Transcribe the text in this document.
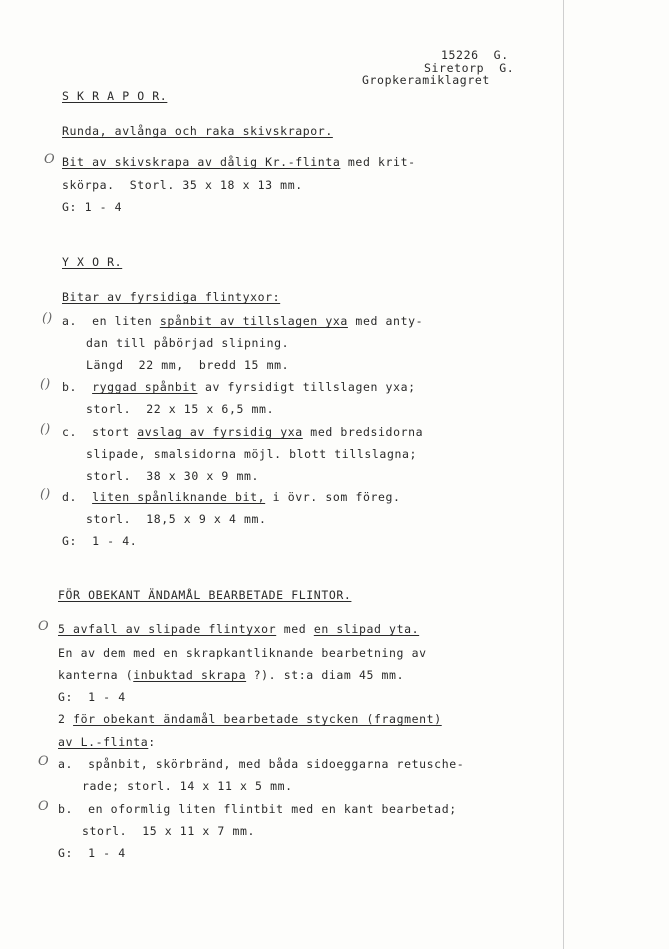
15226  G.
Siretorp  G.
Gropkeramiklagret
S K R A P O R.
Runda, avlånga och raka skivskrapor.
O Bit av skivskrapa av dålig Kr.-flinta med krit-
skörpa.  Storl. 35 x 18 x 13 mm.
G: 1 - 4
Y X O R.
Bitar av fyrsidiga flintyxor:
() a.  en liten spånbit av tillslagen yxa med anty-
dan till påbörjad slipning.
Längd  22 mm,  bredd 15 mm.
() b.  ryggad spånbit av fyrsidigt tillslagen yxa;
storl.  22 x 15 x 6,5 mm.
() c.  stort avslag av fyrsidig yxa med bredsidorna
slipade, smalsidorna möjl. blott tillslagna;
storl.  38 x 30 x 9 mm.
() d.  liten spånliknande bit, i övr. som föreg.
storl.  18,5 x 9 x 4 mm.
G:  1 - 4.
FÖR OBEKANT ÄNDAMÅL BEARBETADE FLINTOR.
O 5 avfall av slipade flintyxor med en slipad yta.
En av dem med en skrapkantliknande bearbetning av
kanterna (inbuktad skrapa ?). st:a diam 45 mm.
G:  1 - 4
2 för obekant ändamål bearbetade stycken (fragment)
av L.-flinta:
O a.  spånbit, skörbränd, med båda sidoeggarna retusche-
rade; storl. 14 x 11 x 5 mm.
O b.  en oformlig liten flintbit med en kant bearbetad;
storl.  15 x 11 x 7 mm.
G:  1 - 4
